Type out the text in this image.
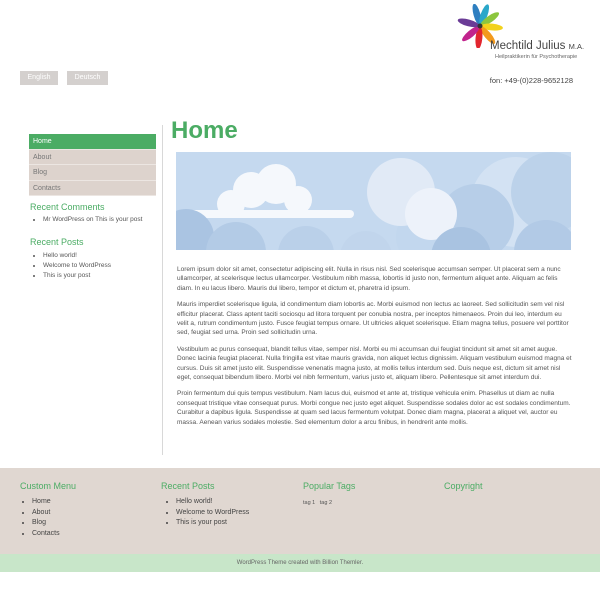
Mechtild Julius M.A.
Heilpraktikerin für Psychotherapie
English	Deutsch	fon: +49-(0)228-9652128
Home
About
Blog
Contacts
Recent Comments
• Mr WordPress on This is your post
Recent Posts
• Hello world!
• Welcome to WordPress
• This is your post
Home

Lorem ipsum dolor sit amet, consectetur adipiscing elit. Nulla in risus nisl. Sed scelerisque accumsan semper. Ut placerat sem a nunc ullamcorper, at scelerisque lectus ullamcorper. Vestibulum nibh massa, lobortis id justo non, fermentum aliquet ante. Aliquam ac felis diam. In eu lacus libero. Mauris dui libero, tempor et dictum et, pharetra id ipsum.

Mauris imperdiet scelerisque ligula, id condimentum diam lobortis ac. Morbi euismod non lectus ac laoreet. Sed sollicitudin sem vel nisl efficitur placerat. Class aptent taciti sociosqu ad litora torquent per conubia nostra, per inceptos himenaeos. Proin dui leo, interdum eu velit a, rutrum condimentum justo. Fusce feugiat tempus ornare. Ut ultricies aliquet scelerisque. Etiam magna tellus, posuere vel porttitor sed, feugiat sed urna. Proin sed sollicitudin urna.

Vestibulum ac purus consequat, blandit tellus vitae, semper nisl. Morbi eu mi accumsan dui feugiat tincidunt sit amet sit amet augue. Donec lacinia feugiat placerat. Nulla fringilla est vitae mauris gravida, non aliquet lectus dignissim. Aliquam vestibulum euismod magna et cursus. Duis sit amet justo elit. Suspendisse venenatis magna justo, at mollis tellus interdum sed. Duis neque est, dictum sit amet nisl eget, consequat bibendum libero. Morbi vel nibh fermentum, varius justo et, aliquam libero. Pellentesque sit amet interdum dui.

Proin fermentum dui quis tempus vestibulum. Nam lacus dui, euismod et ante at, tristique vehicula enim. Phasellus ut diam ac nulla consequat tristique vitae consequat purus. Morbi congue nec justo eget aliquet. Suspendisse sodales dolor ac est sodales condimentum. Curabitur a dapibus ligula. Suspendisse at quam sed lacus fermentum volutpat. Donec diam magna, placerat a aliquet vel, auctor eu massa. Aenean varius sodales molestie. Sed elementum dolor a arcu finibus, in hendrerit ante mollis.

Custom Menu
• Home
• About
• Blog
• Contacts
Recent Posts
• Hello world!
• Welcome to WordPress
• This is your post
Popular Tags
tag 1 tag 2
Copyright
WordPress Theme created with Billion Themler.
